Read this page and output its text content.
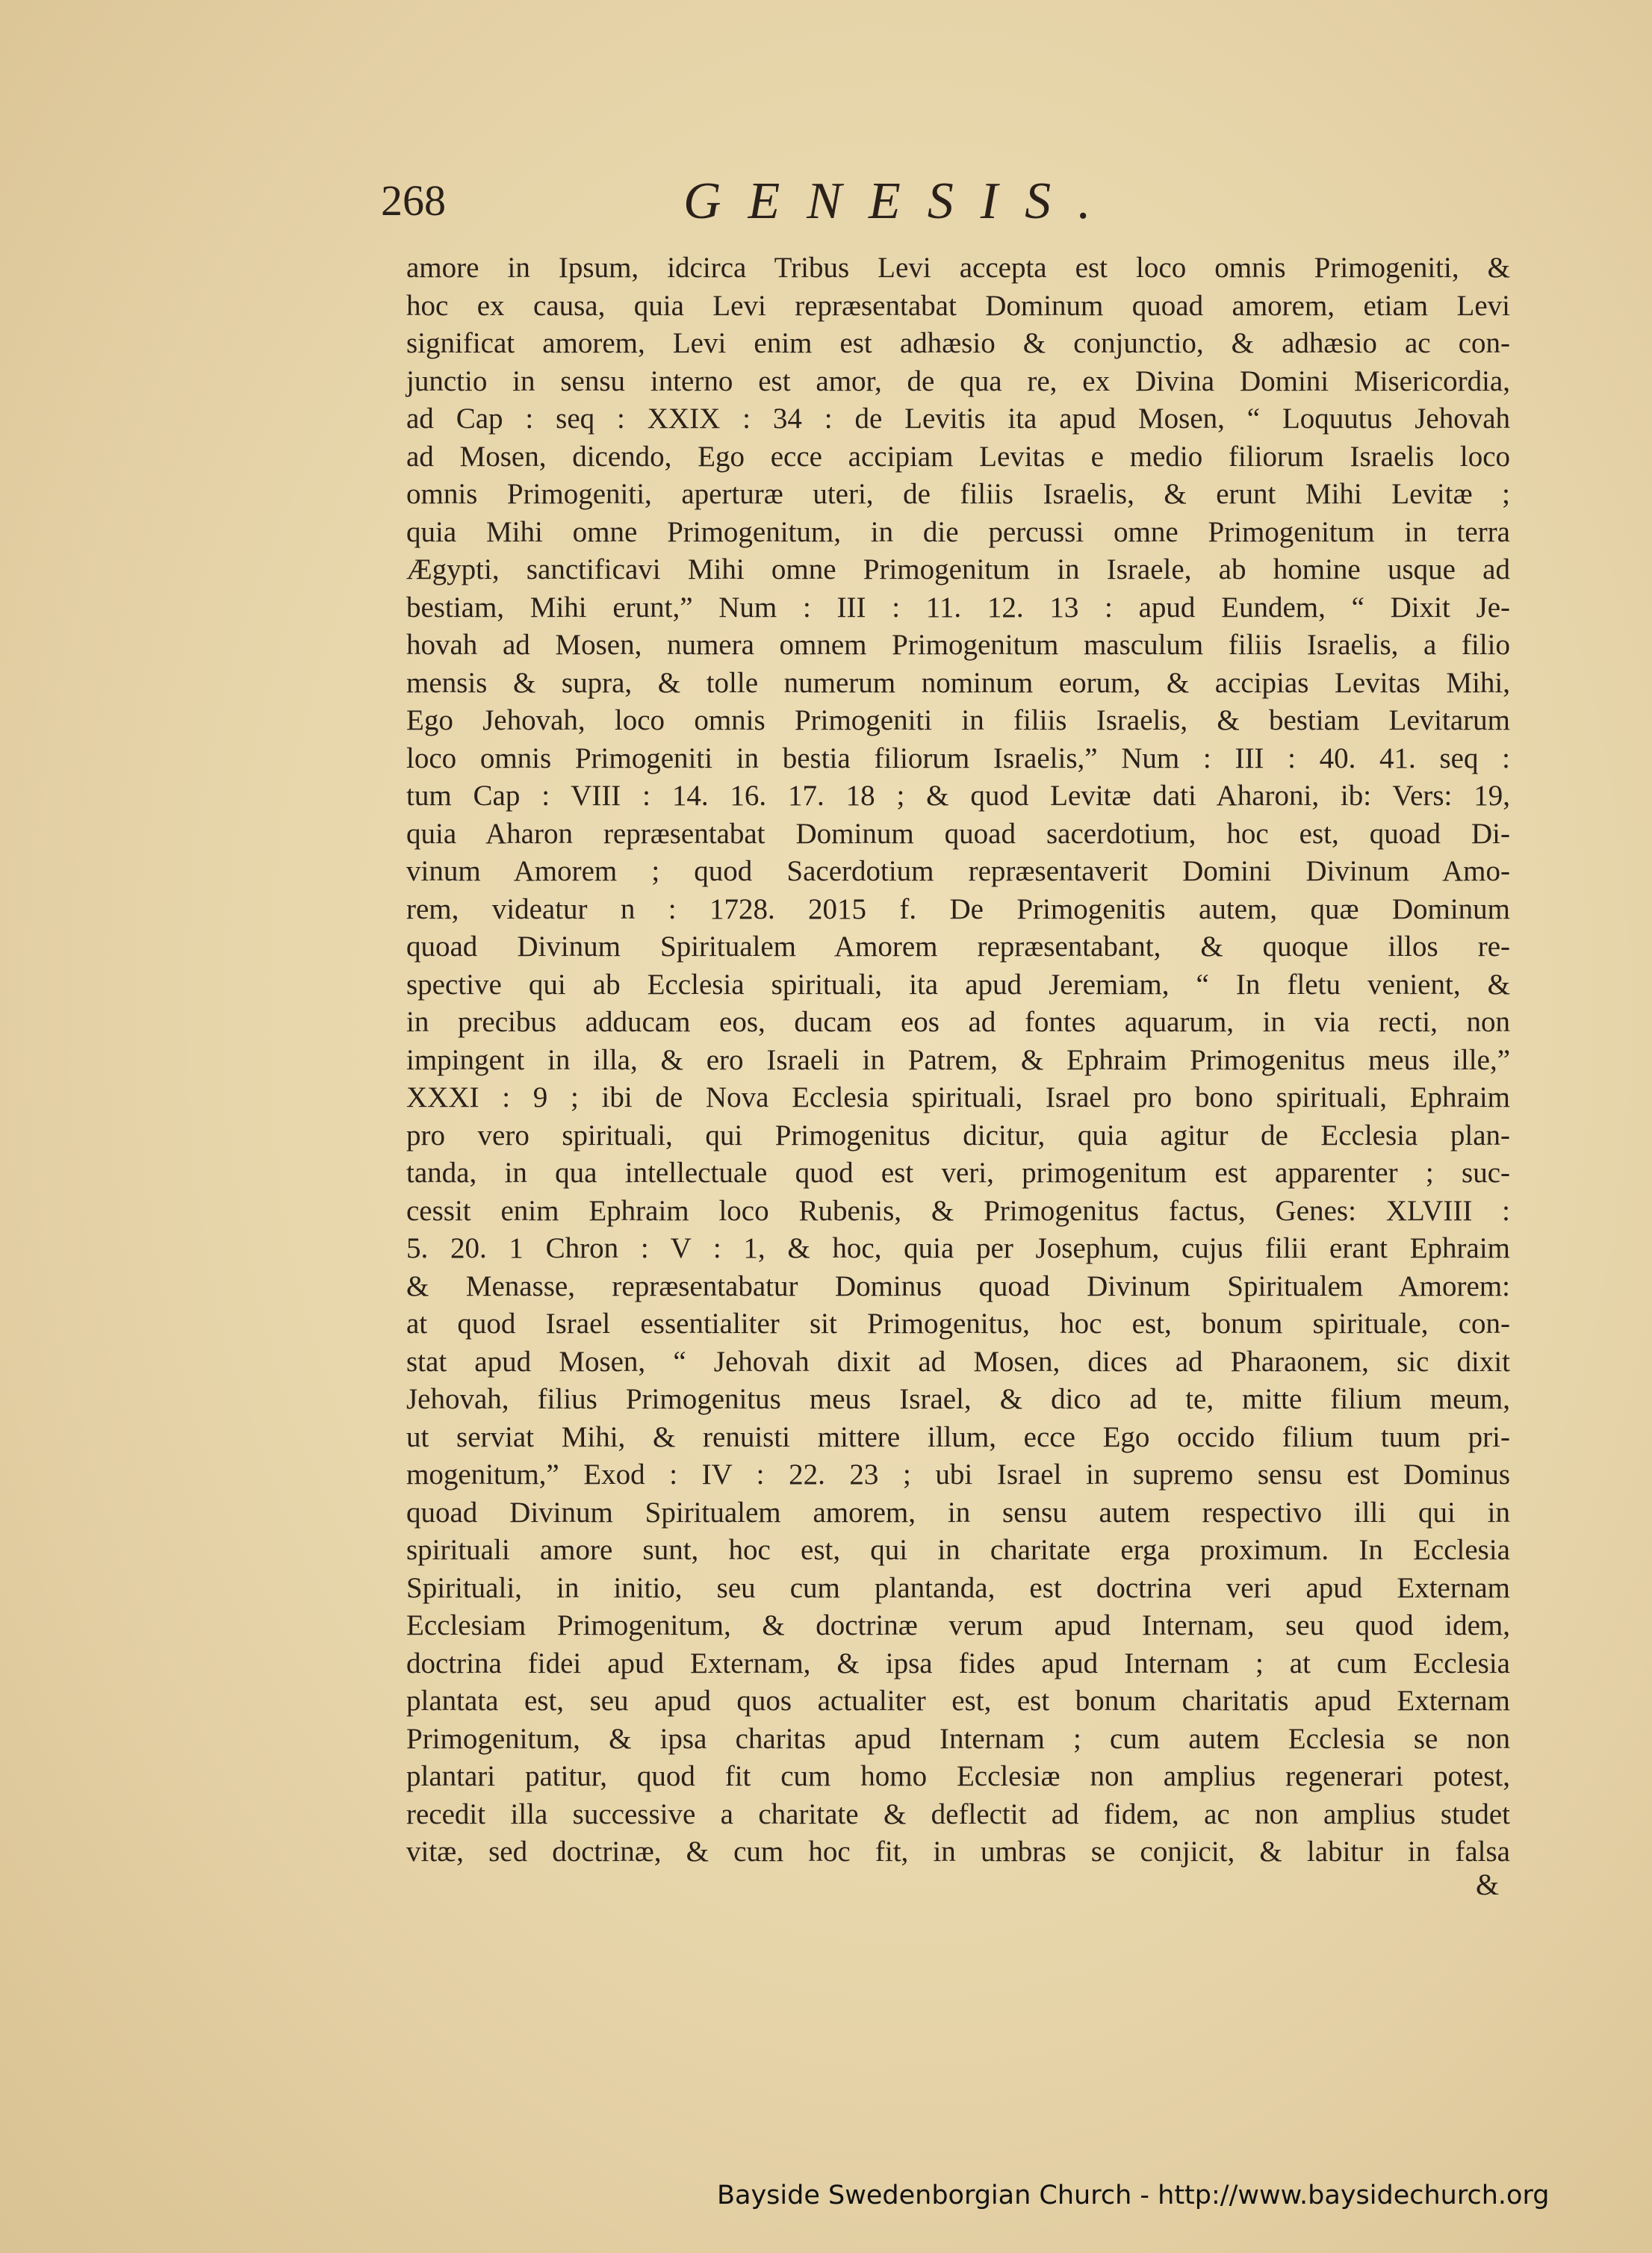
268	GENESIS.
amore in Ipsum, idcirca Tribus Levi accepta est loco omnis Primogeniti, &
hoc ex causa, quia Levi repræsentabat Dominum quoad amorem, etiam Levi
significat amorem, Levi enim est adhæsio & conjunctio, & adhæsio ac con-
junctio in sensu interno est amor, de qua re, ex Divina Domini Misericordia,
ad Cap : seq : XXIX : 34 : de Levitis ita apud Mosen, “ Loquutus Jehovah
ad Mosen, dicendo, Ego ecce accipiam Levitas e medio filiorum Israelis loco
omnis Primogeniti, aperturæ uteri, de filiis Israelis, & erunt Mihi Levitæ ;
quia Mihi omne Primogenitum, in die percussi omne Primogenitum in terra
Ægypti, sanctificavi Mihi omne Primogenitum in Israele, ab homine usque ad
bestiam, Mihi erunt,” Num : III : 11. 12. 13 : apud Eundem, “ Dixit Je-
hovah ad Mosen, numera omnem Primogenitum masculum filiis Israelis, a filio
mensis & supra, & tolle numerum nominum eorum, & accipias Levitas Mihi,
Ego Jehovah, loco omnis Primogeniti in filiis Israelis, & bestiam Levitarum
loco omnis Primogeniti in bestia filiorum Israelis,” Num : III : 40. 41. seq :
tum Cap : VIII : 14. 16. 17. 18 ; & quod Levitæ dati Aharoni, ib: Vers: 19,
quia Aharon repræsentabat Dominum quoad sacerdotium, hoc est, quoad Di-
vinum Amorem ; quod Sacerdotium repræsentaverit Domini Divinum Amo-
rem, videatur n : 1728. 2015 f. De Primogenitis autem, quæ Dominum
quoad Divinum Spiritualem Amorem repræsentabant, & quoque illos re-
spective qui ab Ecclesia spirituali, ita apud Jeremiam, “ In fletu venient, &
in precibus adducam eos, ducam eos ad fontes aquarum, in via recti, non
impingent in illa, & ero Israeli in Patrem, & Ephraim Primogenitus meus ille,”
XXXI : 9 ; ibi de Nova Ecclesia spirituali, Israel pro bono spirituali, Ephraim
pro vero spirituali, qui Primogenitus dicitur, quia agitur de Ecclesia plan-
tanda, in qua intellectuale quod est veri, primogenitum est apparenter ; suc-
cessit enim Ephraim loco Rubenis, & Primogenitus factus, Genes: XLVIII :
5. 20. 1 Chron : V : 1, & hoc, quia per Josephum, cujus filii erant Ephraim
& Menasse, repræsentabatur Dominus quoad Divinum Spiritualem Amorem:
at quod Israel essentialiter sit Primogenitus, hoc est, bonum spirituale, con-
stat apud Mosen, “ Jehovah dixit ad Mosen, dices ad Pharaonem, sic dixit
Jehovah, filius Primogenitus meus Israel, & dico ad te, mitte filium meum,
ut serviat Mihi, & renuisti mittere illum, ecce Ego occido filium tuum pri-
mogenitum,” Exod : IV : 22. 23 ; ubi Israel in supremo sensu est Dominus
quoad Divinum Spiritualem amorem, in sensu autem respectivo illi qui in
spirituali amore sunt, hoc est, qui in charitate erga proximum. In Ecclesia
Spirituali, in initio, seu cum plantanda, est doctrina veri apud Externam
Ecclesiam Primogenitum, & doctrinæ verum apud Internam, seu quod idem,
doctrina fidei apud Externam, & ipsa fides apud Internam ; at cum Ecclesia
plantata est, seu apud quos actualiter est, est bonum charitatis apud Externam
Primogenitum, & ipsa charitas apud Internam ; cum autem Ecclesia se non
plantari patitur, quod fit cum homo Ecclesiæ non amplius regenerari potest,
recedit illa successive a charitate & deflectit ad fidem, ac non amplius studet
vitæ, sed doctrinæ, & cum hoc fit, in umbras se conjicit, & labitur in falsa
&
Bayside Swedenborgian Church - http://www.baysidechurch.org
